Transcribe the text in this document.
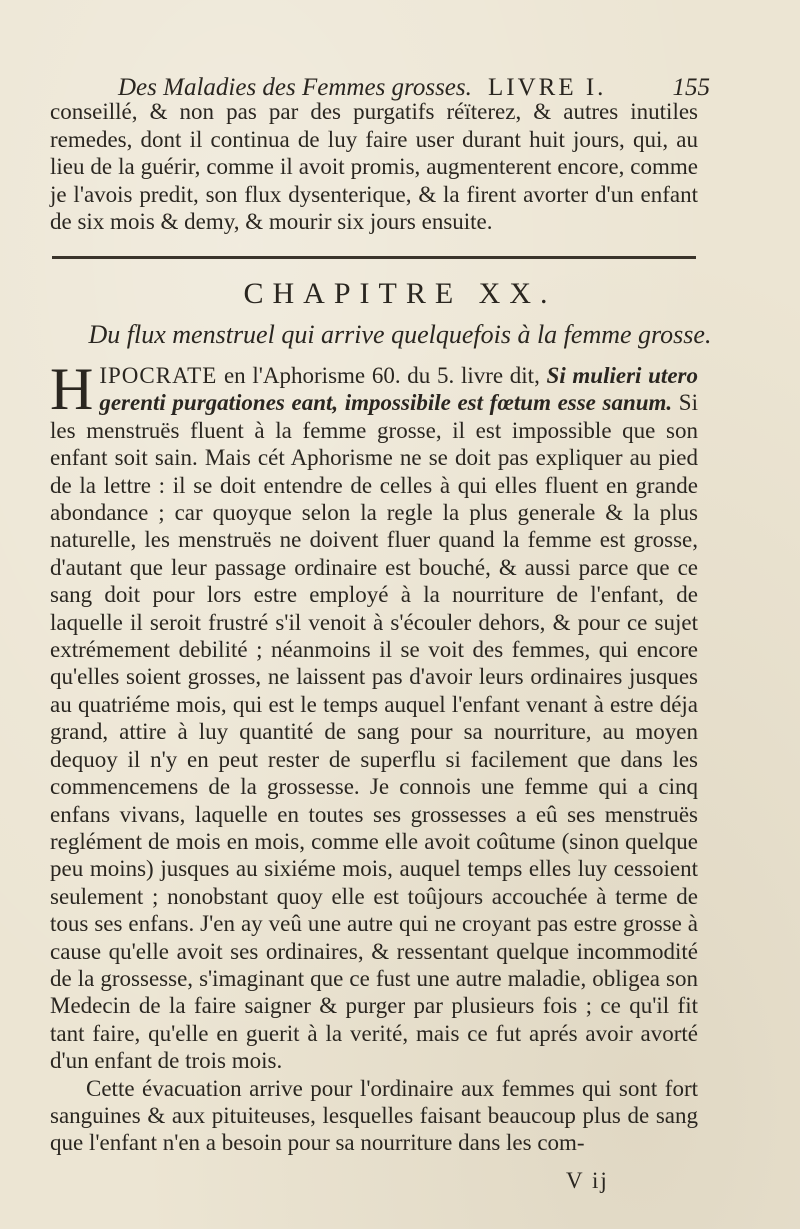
Des Maladies des Femmes grosses. LIVRE I.	155

conseillé, & non pas par des purgatifs réïterez, & autres inutiles remedes, dont il continua de luy faire user durant huit jours, qui, au lieu de la guérir, comme il avoit promis, augmenterent encore, comme je l'avois predit, son flux dysenterique, & la firent avorter d'un enfant de six mois & demy, & mourir six jours ensuite.

CHAPITRE XX.
Du flux menstruel qui arrive quelquefois à la femme grosse.

HIPOCRATE en l'Aphorisme 60. du 5. livre dit, Si mulieri utero gerenti purgationes eant, impossibile est fœtum esse sanum. Si les menstruës fluent à la femme grosse, il est impossible que son enfant soit sain. Mais cét Aphorisme ne se doit pas expliquer au pied de la lettre : il se doit entendre de celles à qui elles fluent en grande abondance ; car quoyque selon la regle la plus generale & la plus naturelle, les menstruës ne doivent fluer quand la femme est grosse, d'autant que leur passage ordinaire est bouché, & aussi parce que ce sang doit pour lors estre employé à la nourriture de l'enfant, de laquelle il seroit frustré s'il venoit à s'écouler dehors, & pour ce sujet extrémement debilité ; néanmoins il se voit des femmes, qui encore qu'elles soient grosses, ne laissent pas d'avoir leurs ordinaires jusques au quatriéme mois, qui est le temps auquel l'enfant venant à estre déja grand, attire à luy quantité de sang pour sa nourriture, au moyen dequoy il n'y en peut rester de superflu si facilement que dans les commencemens de la grossesse. Je connois une femme qui a cinq enfans vivans, laquelle en toutes ses grossesses a eû ses menstruës reglément de mois en mois, comme elle avoit coûtume (sinon quelque peu moins) jusques au sixiéme mois, auquel temps elles luy cessoient seulement ; nonobstant quoy elle est toûjours accouchée à terme de tous ses enfans. J'en ay veû une autre qui ne croyant pas estre grosse à cause qu'elle avoit ses ordinaires, & ressentant quelque incommodité de la grossesse, s'imaginant que ce fust une autre maladie, obligea son Medecin de la faire saigner & purger par plusieurs fois ; ce qu'il fit tant faire, qu'elle en guerit à la verité, mais ce fut aprés avoir avorté d'un enfant de trois mois.

Cette évacuation arrive pour l'ordinaire aux femmes qui sont fort sanguines & aux pituiteuses, lesquelles faisant beaucoup plus de sang que l'enfant n'en a besoin pour sa nourriture dans les com-

V ij
